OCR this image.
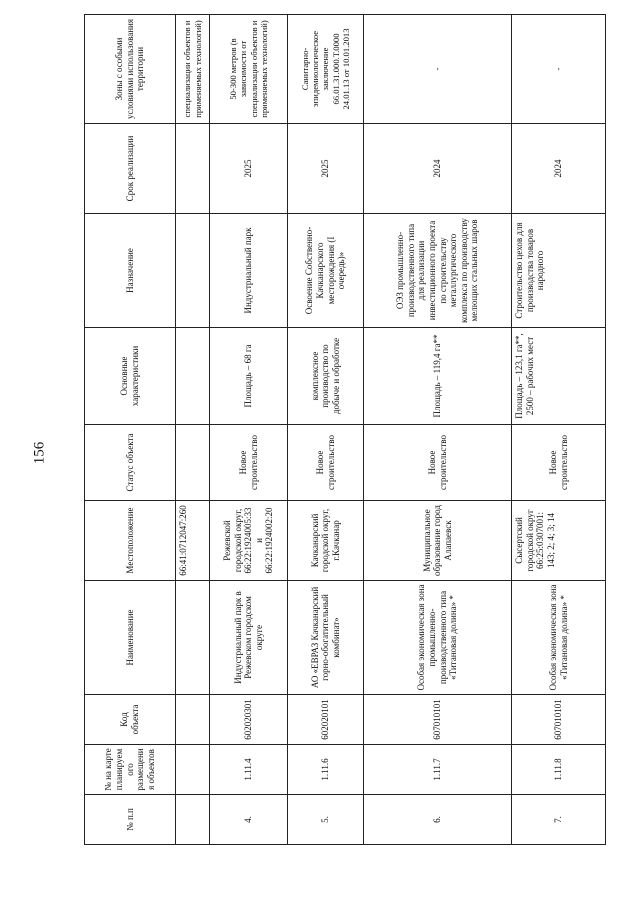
156
№ п.п	№ на карте планируемого размещения объектов	Код объекта	Наименование	Местоположение	Статус объекта	Основные характеристики	Назначение	Срок реализации	Зоны с особыми условиями использования территории
				66:41:0712047:260					специализации объектов и применяемых технологий)
4.	1.11.4	602020301	Индустриальный парк в Режевском городском округе	Режевской городской округ, 66:22:1924005:33 и 66:22:1924002:20	Новое строительство	Площадь – 68 га	Индустриальный парк	2025	50-300 метров (в зависимости от специализации объектов и применяемых технологий)
5.	1.11.6	602020101	АО «ЕВРАЗ Качканарский горно-обогатительный комбинат»	Качканарский городской округ, г.Качканар	Новое строительство	комплексное производство по добыче и обработке	Освоение Собственно-Качканарского месторождения (I очередь)»	2025	Санитарно-эпидемиологическое заключение 66.01.31.000.Т.0000 24.01.13 от 10.01.2013
6.	1.11.7	607010101	Особая экономическая зона промышленно-производственного типа «Титановая долина» *	Муниципальное образование город Алапаевск	Новое строительство	Площадь – 119,4 га**	ОЭЗ промышленно-производственного типа для реализации инвестиционного проекта по строительству металлургического комплекса по производству мелющих стальных шаров	2024	-
7.	1.11.8	607010101	Особая экономическая зона «Титановая долина» *	Сысертский городской округ 66:25:0307001: 143; 2; 4; 3; 14	Новое строительство	Площадь – 123,1 га**, 2500 – рабочих мест	Строительство цехов для производства товаров народного	2024	-
